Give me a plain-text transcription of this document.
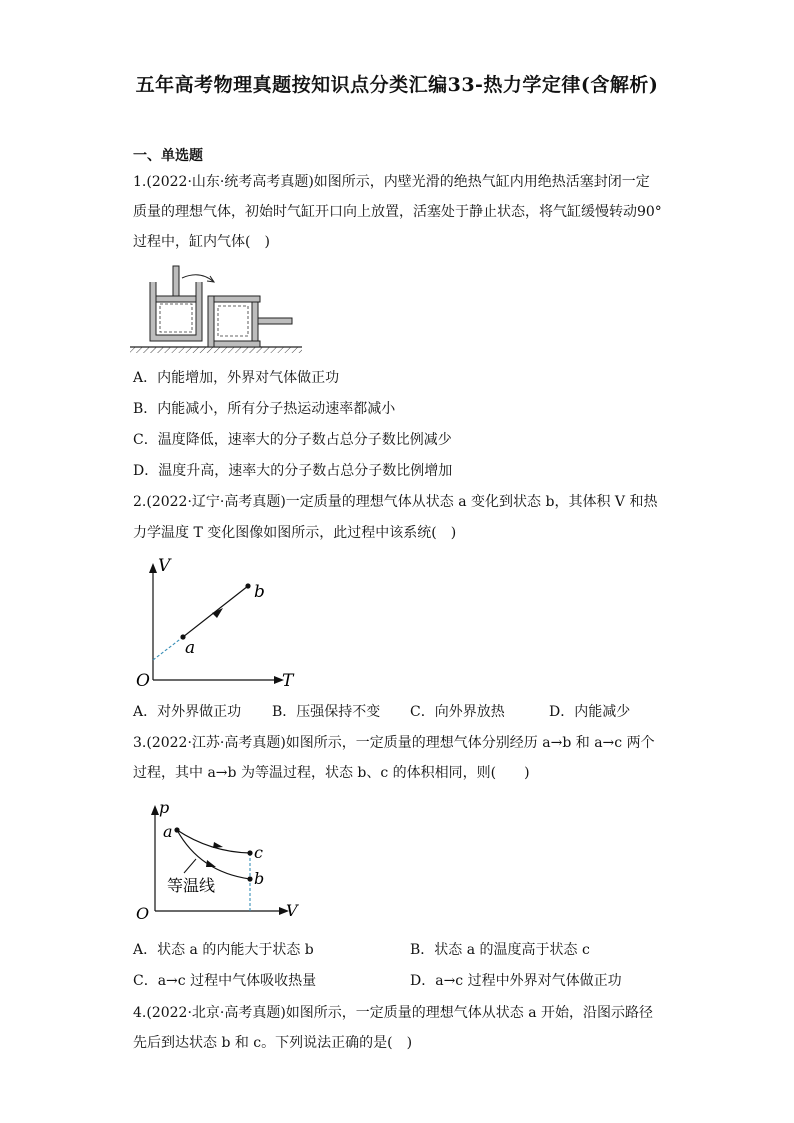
五年高考物理真题按知识点分类汇编33-热力学定律(含解析)
一、单选题
1.(2022·山东·统考高考真题)如图所示，内壁光滑的绝热气缸内用绝热活塞封闭一定
质量的理想气体，初始时气缸开口向上放置，活塞处于静止状态，将气缸缓慢转动90°
过程中，缸内气体(　)
A．内能增加，外界对气体做正功
B．内能减小，所有分子热运动速率都减小
C．温度降低，速率大的分子数占总分子数比例减少
D．温度升高，速率大的分子数占总分子数比例增加
2.(2022·辽宁·高考真题)一定质量的理想气体从状态 a 变化到状态 b，其体积 V 和热
力学温度 T 变化图像如图所示，此过程中该系统(　)
V
T
O
a
b
A．对外界做正功 B．压强保持不变 C．向外界放热	D．内能减少
3.(2022·江苏·高考真题)如图所示，一定质量的理想气体分别经历 a→b 和 a→c 两个
过程，其中 a→b 为等温过程，状态 b、c 的体积相同，则(　　)
p
V
O
a
c
b
等温线
A．状态 a 的内能大于状态 b	B．状态 a 的温度高于状态 c
C．a→c 过程中气体吸收热量	D．a→c 过程中外界对气体做正功
4.(2022·北京·高考真题)如图所示，一定质量的理想气体从状态 a 开始，沿图示路径
先后到达状态 b 和 c。下列说法正确的是(　)
